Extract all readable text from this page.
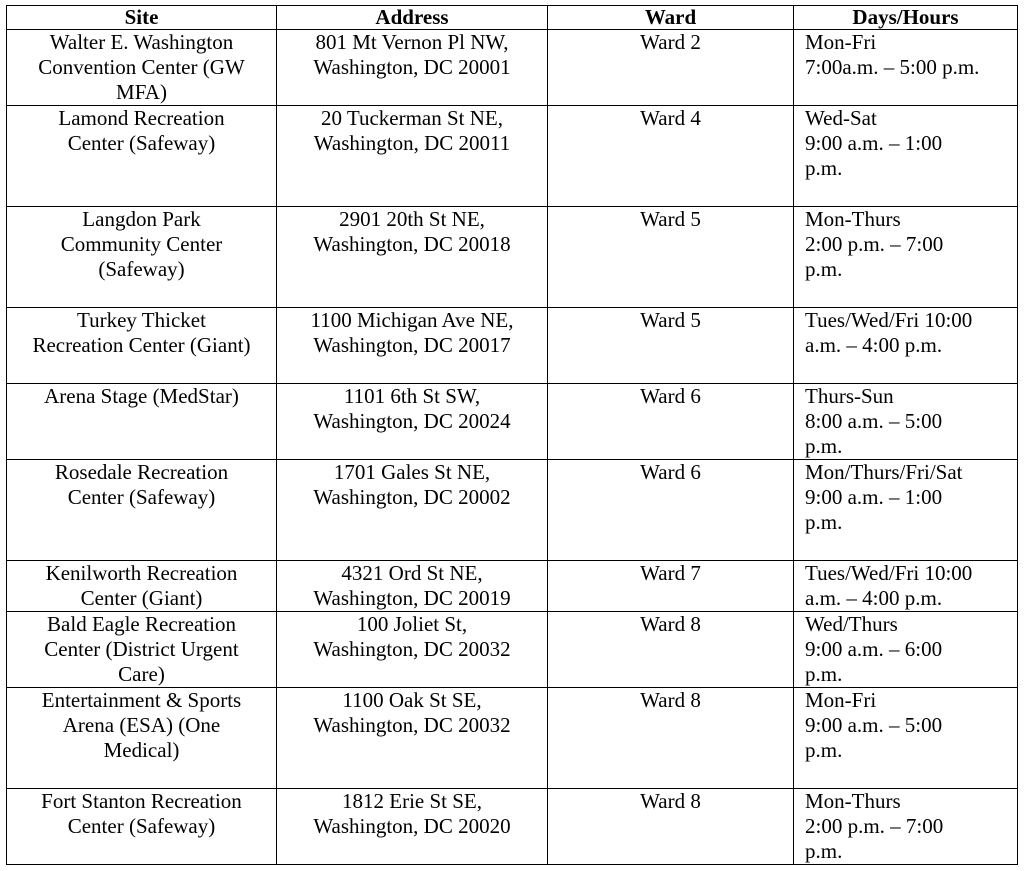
Site	Address	Ward	Days/Hours

Walter E. Washington
Convention Center (GW
MFA)	801 Mt Vernon Pl NW,
Washington, DC 20001	Ward 2	Mon-Fri
7:00a.m. – 5:00 p.m.

Lamond Recreation
Center (Safeway)	20 Tuckerman St NE,
Washington, DC 20011	Ward 4	Wed-Sat
9:00 a.m. – 1:00
p.m.

Langdon Park
Community Center
(Safeway)	2901 20th St NE,
Washington, DC 20018	Ward 5	Mon-Thurs
2:00 p.m. – 7:00
p.m.

Turkey Thicket
Recreation Center (Giant)	1100 Michigan Ave NE,
Washington, DC 20017	Ward 5	Tues/Wed/Fri 10:00
a.m. – 4:00 p.m.

Arena Stage (MedStar)	1101 6th St SW,
Washington, DC 20024	Ward 6	Thurs-Sun
8:00 a.m. – 5:00
p.m.

Rosedale Recreation
Center (Safeway)	1701 Gales St NE,
Washington, DC 20002	Ward 6	Mon/Thurs/Fri/Sat
9:00 a.m. – 1:00
p.m.

Kenilworth Recreation
Center (Giant)	4321 Ord St NE,
Washington, DC 20019	Ward 7	Tues/Wed/Fri 10:00
a.m. – 4:00 p.m.

Bald Eagle Recreation
Center (District Urgent
Care)	100 Joliet St,
Washington, DC 20032	Ward 8	Wed/Thurs
9:00 a.m. – 6:00
p.m.

Entertainment & Sports
Arena (ESA) (One
Medical)	1100 Oak St SE,
Washington, DC 20032	Ward 8	Mon-Fri
9:00 a.m. – 5:00
p.m.

Fort Stanton Recreation
Center (Safeway)	1812 Erie St SE,
Washington, DC 20020	Ward 8	Mon-Thurs
2:00 p.m. – 7:00
p.m.
